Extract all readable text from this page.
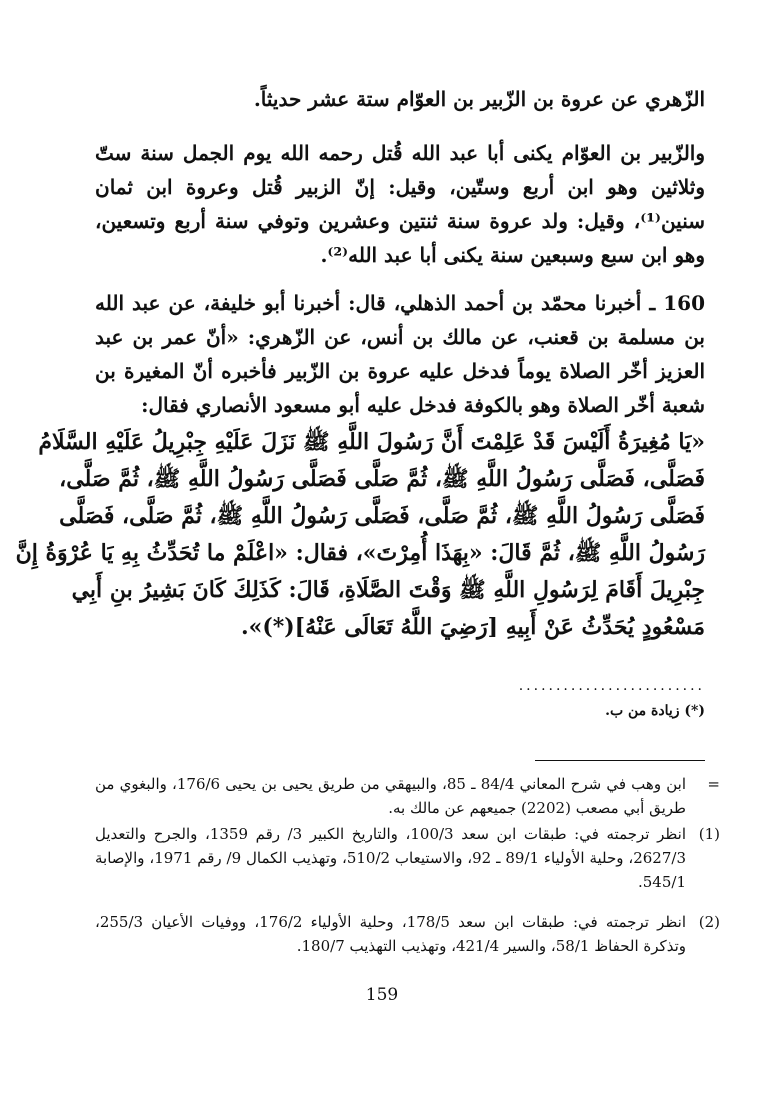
الزّهري عن عروة بن الزّبير بن العوّام ستة عشر حديثاً.
والزّبير بن العوّام يكنى أبا عبد الله قُتل رحمه الله يوم الجمل سنة ستّ وثلاثين وهو ابن أربع وستّين، وقيل: إنّ الزبير قُتل وعروة ابن ثمان سنين⁽¹⁾، وقيل: ولد عروة سنة ثنتين وعشرين وتوفي سنة أربع وتسعين، وهو ابن سبع وسبعين سنة يكنى أبا عبد الله⁽²⁾.
160 ـ أخبرنا محمّد بن أحمد الذهلي، قال: أخبرنا أبو خليفة، عن عبد الله بن مسلمة بن قعنب، عن مالك بن أنس، عن الزّهري: «أنّ عمر بن عبد العزيز أخّر الصلاة يوماً فدخل عليه عروة بن الزّبير فأخبره أنّ المغيرة بن شعبة أخّر الصلاة وهو بالكوفة فدخل عليه أبو مسعود الأنصاري فقال:
«يَا مُغِيرَةُ أَلَيْسَ قَدْ عَلِمْتَ أَنَّ رَسُولَ اللَّهِ ﷺ نَزَلَ عَلَيْهِ جِبْرِيلُ عَلَيْهِ السَّلَامُ
فَصَلَّى، فَصَلَّى رَسُولُ اللَّهِ ﷺ، ثُمَّ صَلَّى فَصَلَّى رَسُولُ اللَّهِ ﷺ، ثُمَّ صَلَّى،
فَصَلَّى رَسُولُ اللَّهِ ﷺ، ثُمَّ صَلَّى، فَصَلَّى رَسُولُ اللَّهِ ﷺ، ثُمَّ صَلَّى، فَصَلَّى
رَسُولُ اللَّهِ ﷺ، ثُمَّ قَالَ: «بِهَذَا أُمِرْتَ»، فقال: «اعْلَمْ ما تُحَدِّثُ بِهِ يَا عُرْوَةُ إِنَّ
جِبْرِيلَ أَقَامَ لِرَسُولِ اللَّهِ ﷺ وَقْتَ الصَّلَاةِ، قَالَ: كَذَلِكَ كَانَ بَشِيرُ بنِ أَبِي
مَسْعُودٍ يُحَدِّثُ عَنْ أَبِيهِ [رَضِيَ اللَّهُ تَعَالَى عَنْهُ](*)».
.........................
(*) زيادة من ب.
=
ابن وهب في شرح المعاني 84/4 ـ 85، والبيهقي من طريق يحيى بن يحيى 176/6، والبغوي من طريق أبي مصعب (2202) جميعهم عن مالك به.
(1)
انظر ترجمته في: طبقات ابن سعد 100/3، والتاريخ الكبير 3/ رقم 1359، والجرح والتعديل 2627/3، وحلية الأولياء 89/1 ـ 92، والاستيعاب 510/2، وتهذيب الكمال 9/ رقم 1971، والإصابة 545/1.
(2)
انظر ترجمته في: طبقات ابن سعد 178/5، وحلية الأولياء 176/2، ووفيات الأعيان 255/3، وتذكرة الحفاظ 58/1، والسير 421/4، وتهذيب التهذيب 180/7.
159
